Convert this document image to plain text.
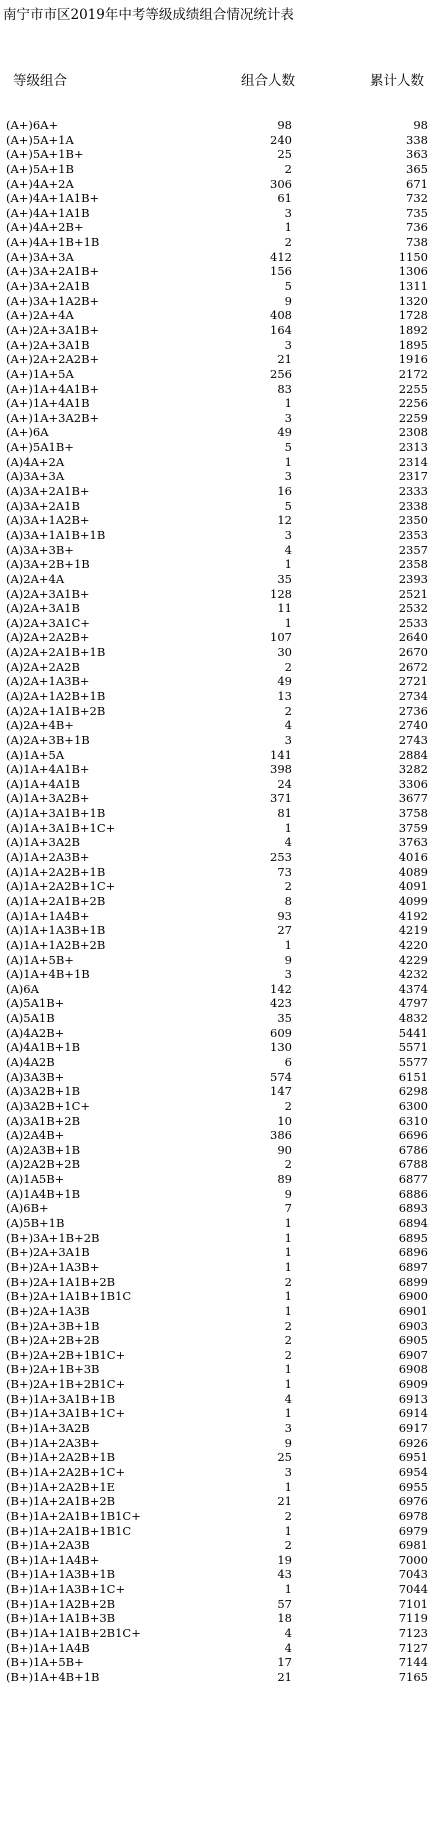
南宁市市区2019年中考等级成绩组合情况统计表
等级组合	组合人数	累计人数
(A+)6A+	98	98
(A+)5A+1A	240	338
(A+)5A+1B+	25	363
(A+)5A+1B	2	365
(A+)4A+2A	306	671
(A+)4A+1A1B+	61	732
(A+)4A+1A1B	3	735
(A+)4A+2B+	1	736
(A+)4A+1B+1B	2	738
(A+)3A+3A	412	1150
(A+)3A+2A1B+	156	1306
(A+)3A+2A1B	5	1311
(A+)3A+1A2B+	9	1320
(A+)2A+4A	408	1728
(A+)2A+3A1B+	164	1892
(A+)2A+3A1B	3	1895
(A+)2A+2A2B+	21	1916
(A+)1A+5A	256	2172
(A+)1A+4A1B+	83	2255
(A+)1A+4A1B	1	2256
(A+)1A+3A2B+	3	2259
(A+)6A	49	2308
(A+)5A1B+	5	2313
(A)4A+2A	1	2314
(A)3A+3A	3	2317
(A)3A+2A1B+	16	2333
(A)3A+2A1B	5	2338
(A)3A+1A2B+	12	2350
(A)3A+1A1B+1B	3	2353
(A)3A+3B+	4	2357
(A)3A+2B+1B	1	2358
(A)2A+4A	35	2393
(A)2A+3A1B+	128	2521
(A)2A+3A1B	11	2532
(A)2A+3A1C+	1	2533
(A)2A+2A2B+	107	2640
(A)2A+2A1B+1B	30	2670
(A)2A+2A2B	2	2672
(A)2A+1A3B+	49	2721
(A)2A+1A2B+1B	13	2734
(A)2A+1A1B+2B	2	2736
(A)2A+4B+	4	2740
(A)2A+3B+1B	3	2743
(A)1A+5A	141	2884
(A)1A+4A1B+	398	3282
(A)1A+4A1B	24	3306
(A)1A+3A2B+	371	3677
(A)1A+3A1B+1B	81	3758
(A)1A+3A1B+1C+	1	3759
(A)1A+3A2B	4	3763
(A)1A+2A3B+	253	4016
(A)1A+2A2B+1B	73	4089
(A)1A+2A2B+1C+	2	4091
(A)1A+2A1B+2B	8	4099
(A)1A+1A4B+	93	4192
(A)1A+1A3B+1B	27	4219
(A)1A+1A2B+2B	1	4220
(A)1A+5B+	9	4229
(A)1A+4B+1B	3	4232
(A)6A	142	4374
(A)5A1B+	423	4797
(A)5A1B	35	4832
(A)4A2B+	609	5441
(A)4A1B+1B	130	5571
(A)4A2B	6	5577
(A)3A3B+	574	6151
(A)3A2B+1B	147	6298
(A)3A2B+1C+	2	6300
(A)3A1B+2B	10	6310
(A)2A4B+	386	6696
(A)2A3B+1B	90	6786
(A)2A2B+2B	2	6788
(A)1A5B+	89	6877
(A)1A4B+1B	9	6886
(A)6B+	7	6893
(A)5B+1B	1	6894
(B+)3A+1B+2B	1	6895
(B+)2A+3A1B	1	6896
(B+)2A+1A3B+	1	6897
(B+)2A+1A1B+2B	2	6899
(B+)2A+1A1B+1B1C	1	6900
(B+)2A+1A3B	1	6901
(B+)2A+3B+1B	2	6903
(B+)2A+2B+2B	2	6905
(B+)2A+2B+1B1C+	2	6907
(B+)2A+1B+3B	1	6908
(B+)2A+1B+2B1C+	1	6909
(B+)1A+3A1B+1B	4	6913
(B+)1A+3A1B+1C+	1	6914
(B+)1A+3A2B	3	6917
(B+)1A+2A3B+	9	6926
(B+)1A+2A2B+1B	25	6951
(B+)1A+2A2B+1C+	3	6954
(B+)1A+2A2B+1E	1	6955
(B+)1A+2A1B+2B	21	6976
(B+)1A+2A1B+1B1C+	2	6978
(B+)1A+2A1B+1B1C	1	6979
(B+)1A+2A3B	2	6981
(B+)1A+1A4B+	19	7000
(B+)1A+1A3B+1B	43	7043
(B+)1A+1A3B+1C+	1	7044
(B+)1A+1A2B+2B	57	7101
(B+)1A+1A1B+3B	18	7119
(B+)1A+1A1B+2B1C+	4	7123
(B+)1A+1A4B	4	7127
(B+)1A+5B+	17	7144
(B+)1A+4B+1B	21	7165
